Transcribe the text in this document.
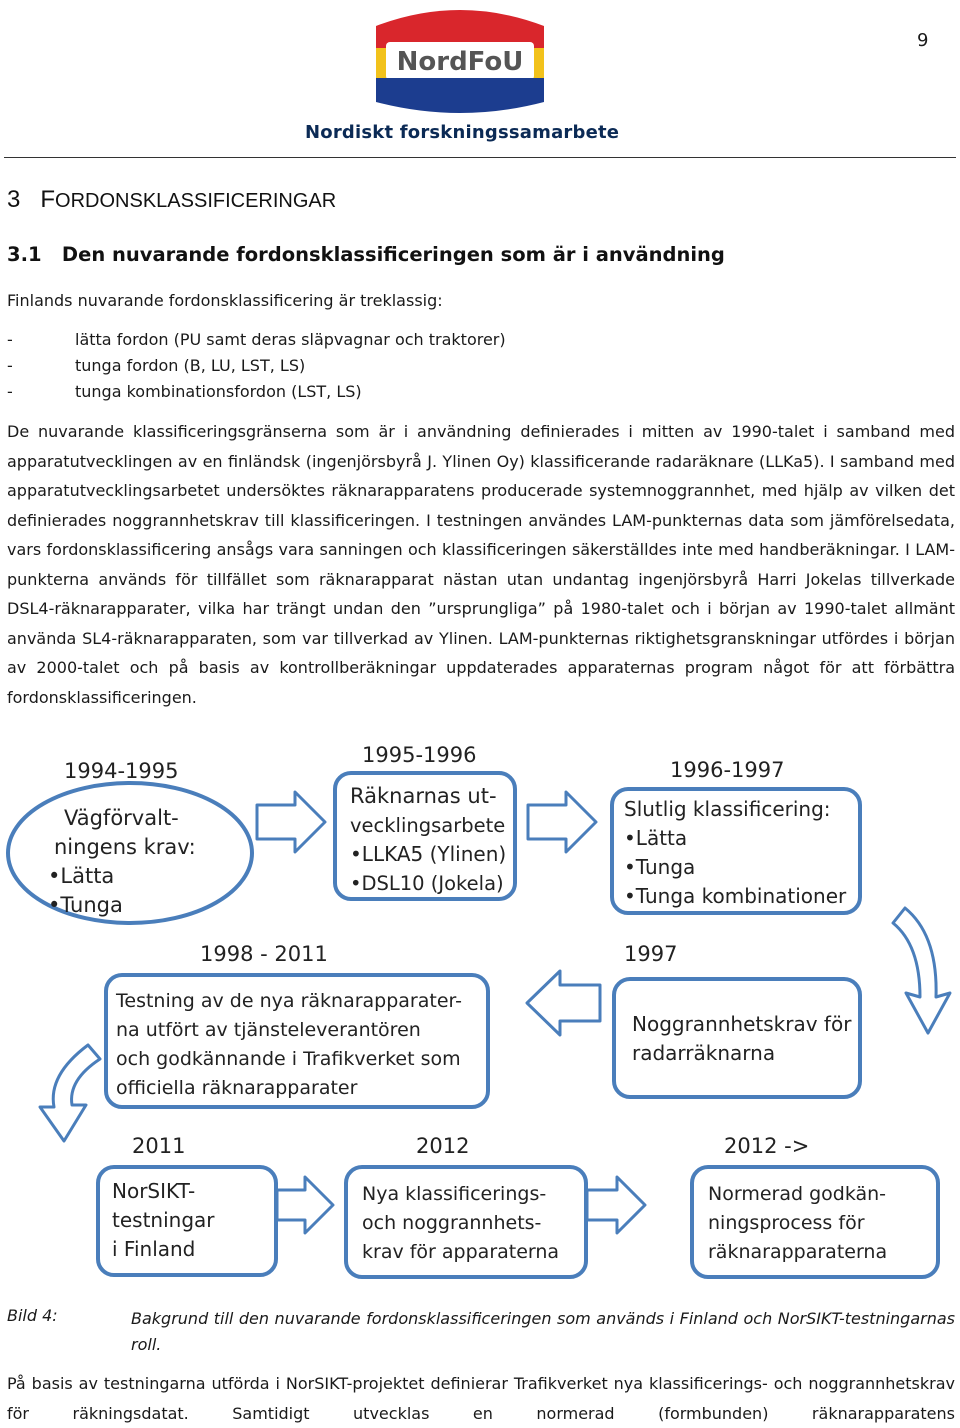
9
NordFoU
Nordiskt forskningssamarbete
3 FORDONSKLASSIFICERINGAR
3.1   Den nuvarande fordonsklassificeringen som är i användning
Finlands nuvarande fordonsklassificering är treklassig:
-	lätta fordon (PU samt deras släpvagnar och traktorer)
-	tunga fordon (B, LU, LST, LS)
-	tunga kombinationsfordon (LST, LS)
De nuvarande klassificeringsgränserna som är i användning definierades i mitten av 1990-talet i samband med apparatutvecklingen av en finländsk (ingenjörsbyrå J. Ylinen Oy) klassificerande radaräknare (LLKa5). I samband med apparatutvecklingsarbetet undersöktes räknarapparatens producerade systemnoggrannhet, med hjälp av vilken det definierades noggrannhetskrav till klassificeringen. I testningen användes LAM-punkternas data som jämförelsedata, vars fordonsklassificering ansågs vara sanningen och klassificeringen säkerställdes inte med handberäkningar. I LAM-punkterna används för tillfället som räknarapparat nästan utan undantag ingenjörsbyrå Harri Jokelas tillverkade DSL4-räknarapparater, vilka har trängt undan den ”ursprungliga” på 1980-talet och i början av 1990-talet allmänt använda SL4-räknarapparaten, som var tillverkad av Ylinen. LAM-punkternas riktighetsgranskningar utfördes i början av 2000-talet och på basis av kontrollberäkningar uppdaterades apparaternas program något för att förbättra fordonsklassificeringen.
1994-1995
Vägförvalt-
ningens krav:
•Lätta
•Tunga
1995-1996
Räknarnas ut-
vecklingsarbete
•LLKA5 (Ylinen)
•DSL10 (Jokela)
1996-1997
Slutlig klassificering:
•Lätta
•Tunga
•Tunga kombinationer
1997
Noggrannhetskrav för
radarräknarna
1998 - 2011
Testning av de nya räknarapparater-
na utfört av tjänsteleverantören
och godkännande i Trafikverket som
officiella räknarapparater
2011
NorSIKT-
testningar
i Finland
2012
Nya klassificerings-
och noggrannhets-
krav för apparaterna
2012 ->
Normerad godkän-
ningsprocess för
räknarapparaterna
Bild 4:	Bakgrund till den nuvarande fordonsklassificeringen som används i Finland och NorSIKT-testningarnas roll.
På basis av testningarna utförda i NorSIKT-projektet definierar Trafikverket nya klassificerings- och noggrannhetskrav för räkningsdatat. Samtidigt utvecklas en normerad (formbunden) räknarapparatens
